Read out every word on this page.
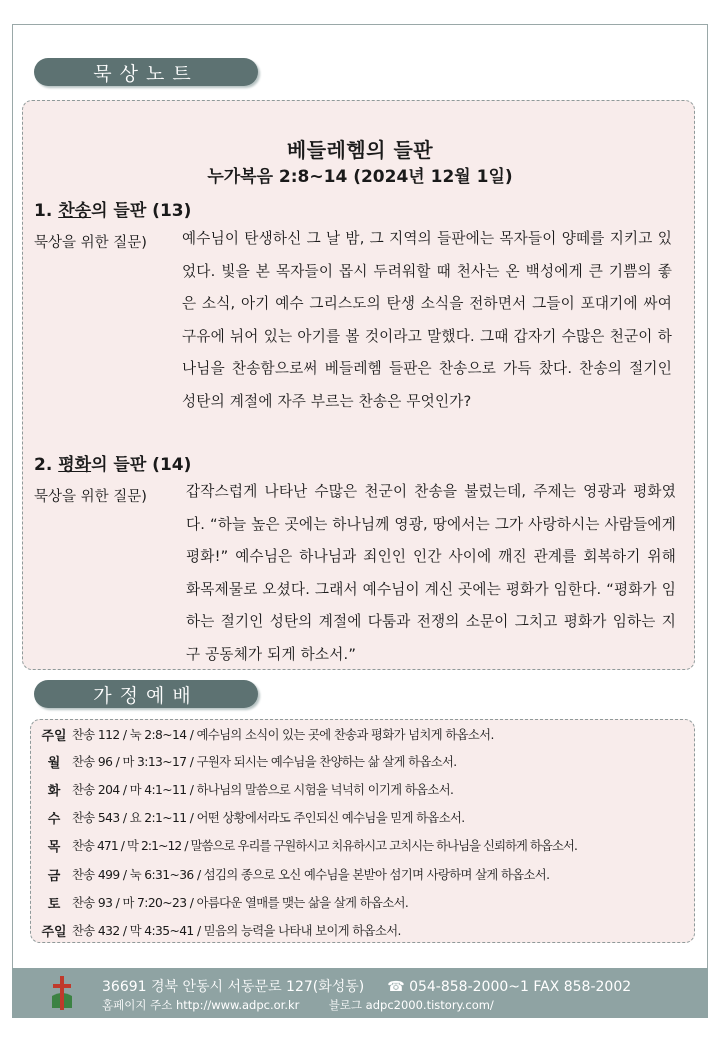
묵상노트
베들레헴의 들판
누가복음 2:8~14 (2024년 12월 1일)
1. 찬송의 들판 (13)
묵상을 위한 질문) 예수님이 탄생하신 그 날 밤, 그 지역의 들판에는 목자들이 양떼를 지키고 있었다. 빛을 본 목자들이 몹시 두려워할 때 천사는 온 백성에게 큰 기쁨의 좋은 소식, 아기 예수 그리스도의 탄생 소식을 전하면서 그들이 포대기에 싸여 구유에 뉘어 있는 아기를 볼 것이라고 말했다. 그때 갑자기 수많은 천군이 하나님을 찬송함으로써 베들레헴 들판은 찬송으로 가득 찼다. 찬송의 절기인 성탄의 계절에 자주 부르는 찬송은 무엇인가?
2. 평화의 들판 (14)
묵상을 위한 질문)	갑작스럽게 나타난 수많은 천군이 찬송을 불렀는데, 주제는 영광과 평화였다. “하늘 높은 곳에는 하나님께 영광, 땅에서는 그가 사랑하시는 사람들에게 평화!” 예수님은 하나님과 죄인인 인간 사이에 깨진 관계를 회복하기 위해 화목제물로 오셨다. 그래서 예수님이 계신 곳에는 평화가 임한다. “평화가 임하는 절기인 성탄의 계절에 다툼과 전쟁의 소문이 그치고 평화가 임하는 지구 공동체가 되게 하소서.”
가정예배
주일 찬송 112 / 눅 2:8~14 / 예수님의 소식이 있는 곳에 찬송과 평화가 넘치게 하옵소서.
월 찬송 96 / 마 3:13~17 / 구원자 되시는 예수님을 찬양하는 삶 살게 하옵소서.
화 찬송 204 / 마 4:1~11 / 하나님의 말씀으로 시험을 넉넉히 이기게 하옵소서.
수 찬송 543 / 요 2:1~11 / 어떤 상황에서라도 주인되신 예수님을 믿게 하옵소서.
목 찬송 471 / 막 2:1~12 / 말씀으로 우리를 구원하시고 치유하시고 고치시는 하나님을 신뢰하게 하옵소서.
금 찬송 499 / 눅 6:31~36 / 섬김의 종으로 오신 예수님을 본받아 섬기며 사랑하며 살게 하옵소서.
토 찬송 93 / 마 7:20~23 / 아름다운 열매를 맺는 삶을 살게 하옵소서.
주일 찬송 432 / 막 4:35~41 / 믿음의 능력을 나타내 보이게 하옵소서.
36691 경북 안동시 서동문로 127(화성동) ☎ 054-858-2000~1 FAX 858-2002
홈페이지 주소 http://www.adpc.or.kr	블로그 adpc2000.tistory.com/
